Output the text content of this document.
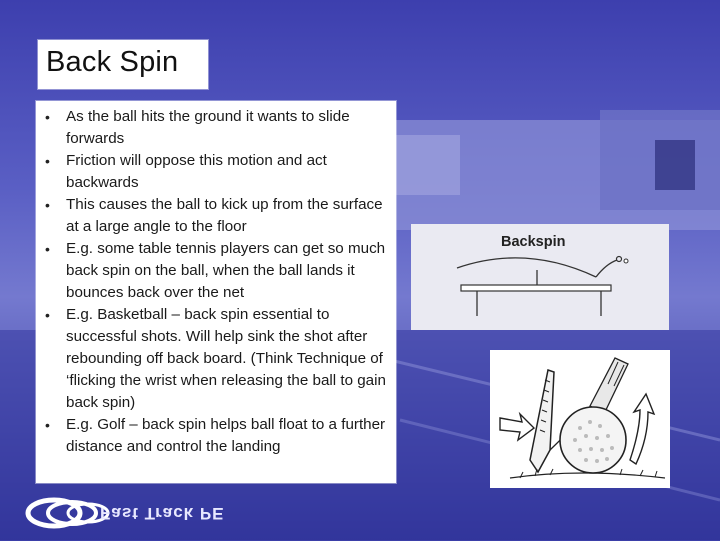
Back Spin
• As the ball hits the ground it wants to slide forwards
• Friction will oppose this motion and act backwards
• This causes the ball to kick up from the surface at a large angle to the floor
• E.g. some table tennis players can get so much back spin on the ball, when the ball lands it bounces back over the net
• E.g. Basketball – back spin essential to successful shots. Will help sink the shot after rebounding off back board. (Think Technique of ‘flicking the wrist when releasing the ball to gain back spin)
• E.g. Golf – back spin helps ball float to a further distance and control the landing
Backspin
Fast Track PE
